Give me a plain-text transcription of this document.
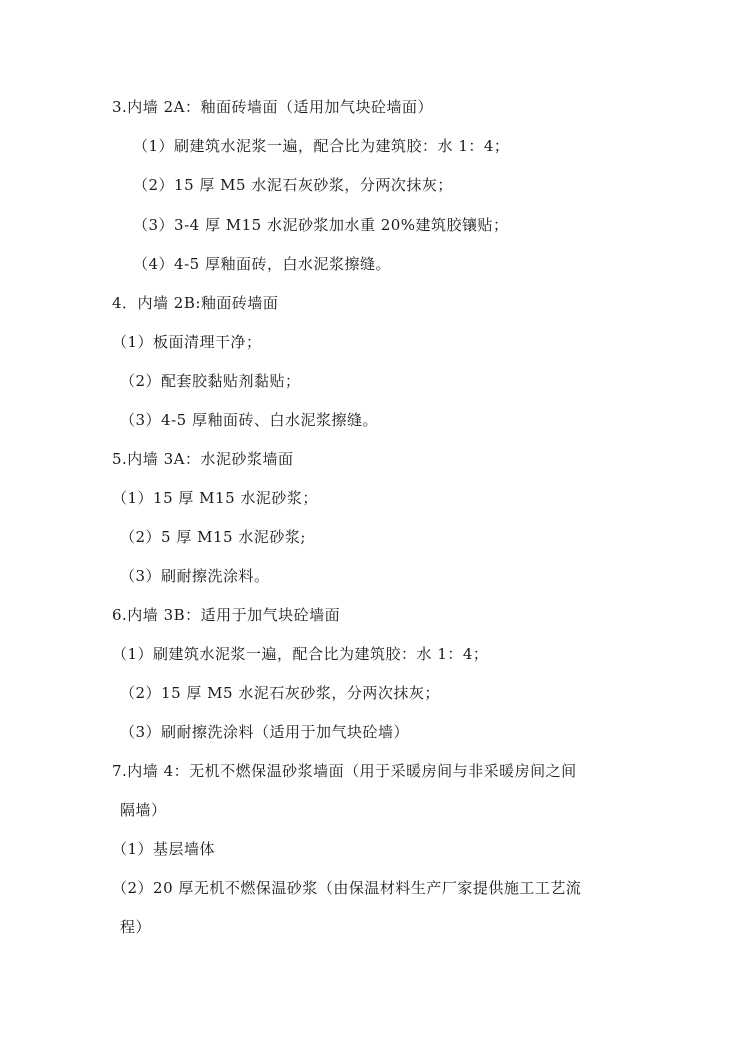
3.内墙 2A：釉面砖墙面（适用加气块砼墙面）
（1）刷建筑水泥浆一遍，配合比为建筑胶：水 1：4；
（2）15 厚 M5 水泥石灰砂浆，分两次抹灰；
（3）3-4 厚 M15 水泥砂浆加水重 20%建筑胶镶贴；
（4）4-5 厚釉面砖，白水泥浆擦缝。
4．内墙 2B:釉面砖墙面
（1）板面清理干净；
（2）配套胶黏贴剂黏贴；
（3）4-5 厚釉面砖、白水泥浆擦缝。
5.内墙 3A：水泥砂浆墙面
（1）15 厚 M15 水泥砂浆；
（2）5 厚 M15 水泥砂浆;
（3）刷耐擦洗涂料。
6.内墙 3B：适用于加气块砼墙面
（1）刷建筑水泥浆一遍，配合比为建筑胶：水 1：4；
（2）15 厚 M5 水泥石灰砂浆，分两次抹灰；
（3）刷耐擦洗涂料（适用于加气块砼墙）
7.内墙 4：无机不燃保温砂浆墙面（用于采暖房间与非采暖房间之间
隔墙）
（1）基层墙体
（2）20 厚无机不燃保温砂浆（由保温材料生产厂家提供施工工艺流
程）
